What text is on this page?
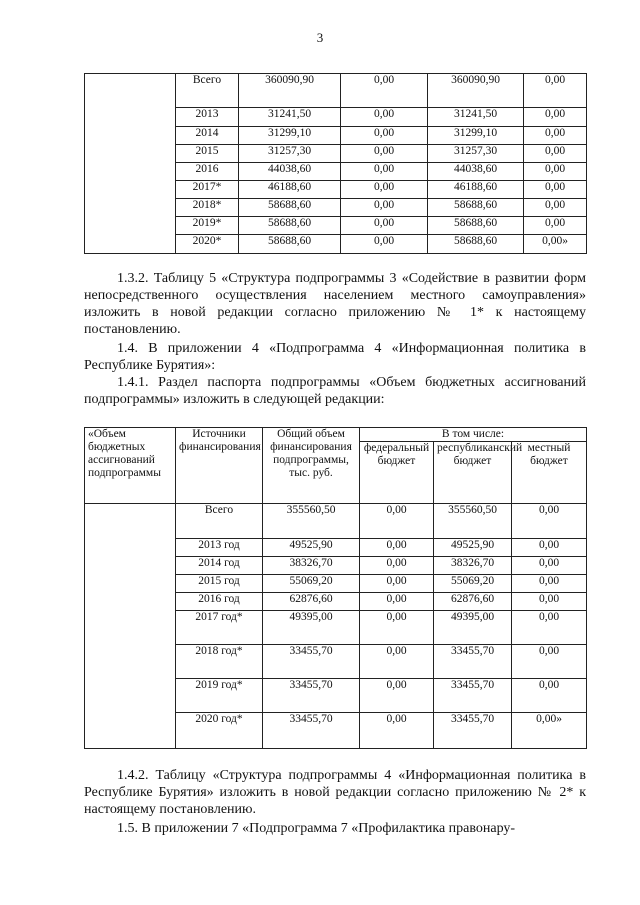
3
	Всего	360090,90	0,00	360090,90	0,00
	2013	31241,50	0,00	31241,50	0,00
	2014	31299,10	0,00	31299,10	0,00
	2015	31257,30	0,00	31257,30	0,00
	2016	44038,60	0,00	44038,60	0,00
	2017*	46188,60	0,00	46188,60	0,00
	2018*	58688,60	0,00	58688,60	0,00
	2019*	58688,60	0,00	58688,60	0,00
	2020*	58688,60	0,00	58688,60	0,00»

1.3.2. Таблицу 5 «Структура подпрограммы 3 «Содействие в развитии форм непосредственного осуществления населением местного самоуправления» изложить в новой редакции согласно приложению № 1* к настоящему постановлению.

1.4. В приложении 4 «Подпрограмма 4 «Информационная политика в Республике Бурятия»:

1.4.1. Раздел паспорта подпрограммы «Объем бюджетных ассигнований подпрограммы» изложить в следующей редакции:

«Объем бюджетных ассигнований подпрограммы	Источники финансирования	Общий объем финансирования подпрограммы, тыс. руб.	В том числе:		
			федеральный бюджет	республиканский бюджет	местный бюджет
	Всего	355560,50	0,00	355560,50	0,00
	2013 год	49525,90	0,00	49525,90	0,00
	2014 год	38326,70	0,00	38326,70	0,00
	2015 год	55069,20	0,00	55069,20	0,00
	2016 год	62876,60	0,00	62876,60	0,00
	2017 год*	49395,00	0,00	49395,00	0,00
	2018 год*	33455,70	0,00	33455,70	0,00
	2019 год*	33455,70	0,00	33455,70	0,00
	2020 год*	33455,70	0,00	33455,70	0,00»

1.4.2. Таблицу «Структура подпрограммы 4 «Информационная политика в Республике Бурятия» изложить в новой редакции согласно приложению № 2* к настоящему постановлению.

1.5. В приложении 7 «Подпрограмма 7 «Профилактика правонару-
